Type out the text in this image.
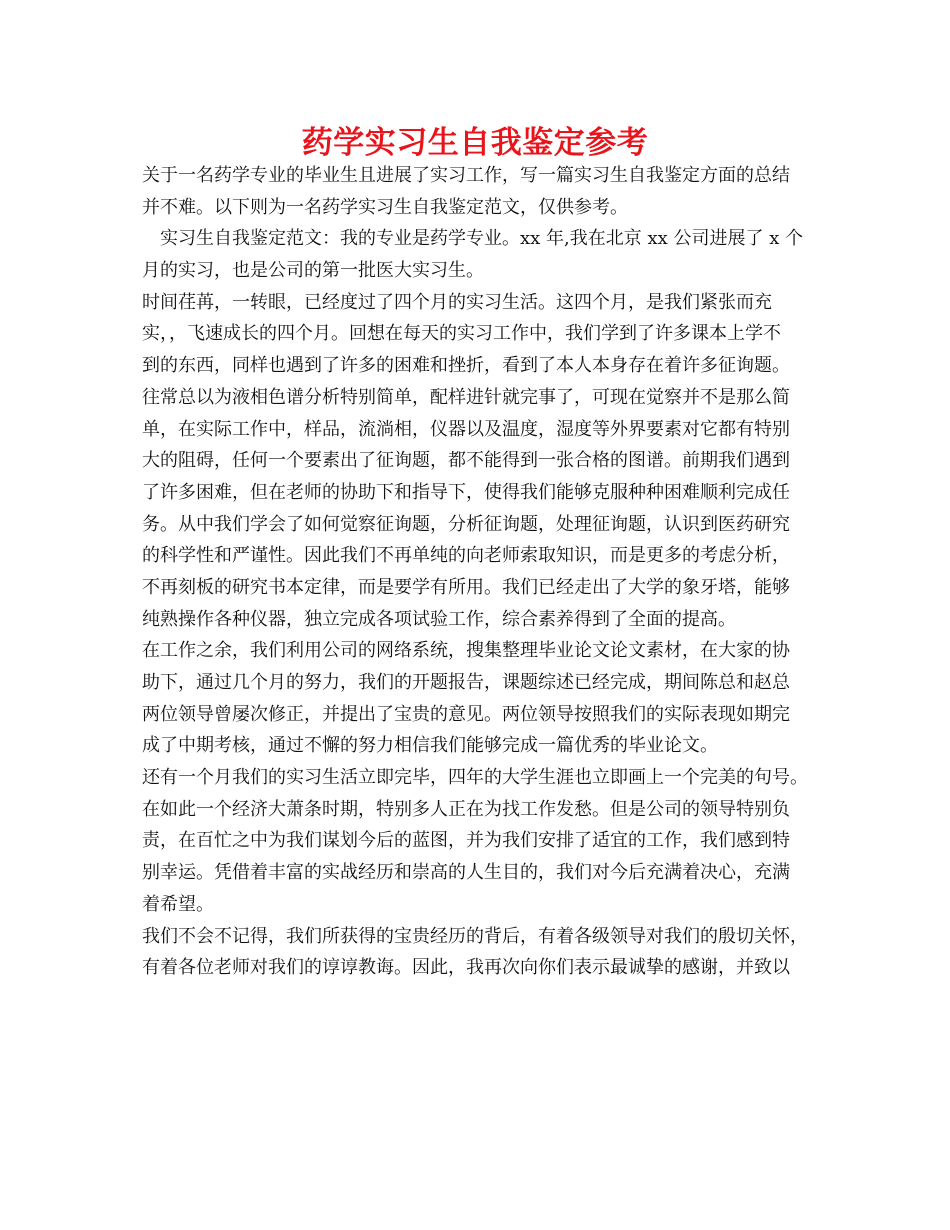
药学实习生自我鉴定参考
关于一名药学专业的毕业生且进展了实习工作，写一篇实习生自我鉴定方面的总结
并不难。以下则为一名药学实习生自我鉴定范文，仅供参考。
实习生自我鉴定范文：我的专业是药学专业。xx 年,我在北京 xx 公司进展了 x 个
月的实习，也是公司的第一批医大实习生。
时间荏苒，一转眼，已经度过了四个月的实习生活。这四个月，是我们紧张而充
实，，飞速成长的四个月。回想在每天的实习工作中，我们学到了许多课本上学不
到的东西，同样也遇到了许多的困难和挫折，看到了本人本身存在着许多征询题。
往常总以为液相色谱分析特别简单，配样进针就完事了，可现在觉察并不是那么简
单，在实际工作中，样品，流淌相，仪器以及温度，湿度等外界要素对它都有特别
大的阻碍，任何一个要素出了征询题，都不能得到一张合格的图谱。前期我们遇到
了许多困难，但在老师的协助下和指导下，使得我们能够克服种种困难顺利完成任
务。从中我们学会了如何觉察征询题，分析征询题，处理征询题，认识到医药研究
的科学性和严谨性。因此我们不再单纯的向老师索取知识，而是更多的考虑分析，
不再刻板的研究书本定律，而是要学有所用。我们已经走出了大学的象牙塔，能够
纯熟操作各种仪器，独立完成各项试验工作，综合素养得到了全面的提高。
在工作之余，我们利用公司的网络系统，搜集整理毕业论文论文素材，在大家的协
助下，通过几个月的努力，我们的开题报告，课题综述已经完成，期间陈总和赵总
两位领导曾屡次修正，并提出了宝贵的意见。两位领导按照我们的实际表现如期完
成了中期考核，通过不懈的努力相信我们能够完成一篇优秀的毕业论文。
还有一个月我们的实习生活立即完毕，四年的大学生涯也立即画上一个完美的句号。
在如此一个经济大萧条时期，特别多人正在为找工作发愁。但是公司的领导特别负
责，在百忙之中为我们谋划今后的蓝图，并为我们安排了适宜的工作，我们感到特
别幸运。凭借着丰富的实战经历和崇高的人生目的，我们对今后充满着决心，充满
着希望。
我们不会不记得，我们所获得的宝贵经历的背后，有着各级领导对我们的殷切关怀，
有着各位老师对我们的谆谆教诲。因此，我再次向你们表示最诚挚的感谢，并致以
